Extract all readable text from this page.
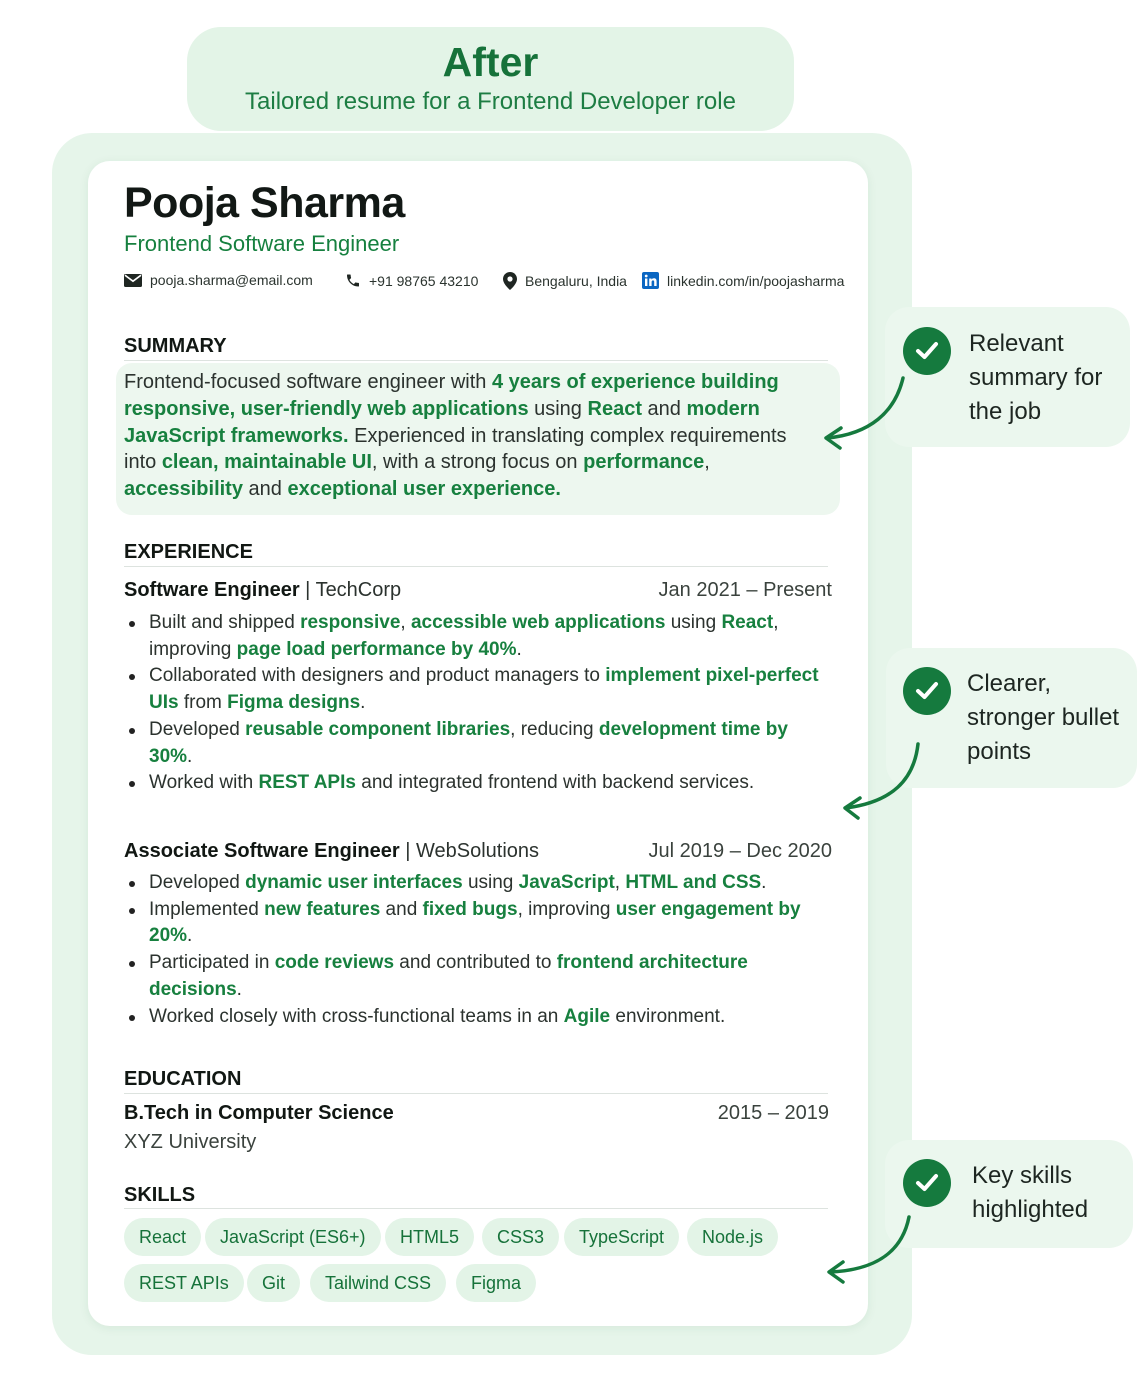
After
Tailored resume for a Frontend Developer role
Pooja Sharma
Frontend Software Engineer
pooja.sharma@email.com	+91 98765 43210	Bengaluru, India	linkedin.com/in/poojasharma
SUMMARY
Frontend-focused software engineer with 4 years of experience building responsive, user-friendly web applications using React and modern JavaScript frameworks. Experienced in translating complex requirements into clean, maintainable UI, with a strong focus on performance, accessibility and exceptional user experience.
EXPERIENCE
Software Engineer | TechCorp	Jan 2021 – Present
Built and shipped responsive, accessible web applications using React, improving page load performance by 40%.
Collaborated with designers and product managers to implement pixel-perfect UIs from Figma designs.
Developed reusable component libraries, reducing development time by 30%.
Worked with REST APIs and integrated frontend with backend services.
Associate Software Engineer | WebSolutions	Jul 2019 – Dec 2020
Developed dynamic user interfaces using JavaScript, HTML and CSS.
Implemented new features and fixed bugs, improving user engagement by 20%.
Participated in code reviews and contributed to frontend architecture decisions.
Worked closely with cross-functional teams in an Agile environment.
EDUCATION
B.Tech in Computer Science	2015 – 2019
XYZ University
SKILLS
React	JavaScript (ES6+)	HTML5	CSS3	TypeScript	Node.js
REST APIs	Git	Tailwind CSS	Figma
Relevant
summary for
the job
Clearer,
stronger bullet
points
Key skills
highlighted
